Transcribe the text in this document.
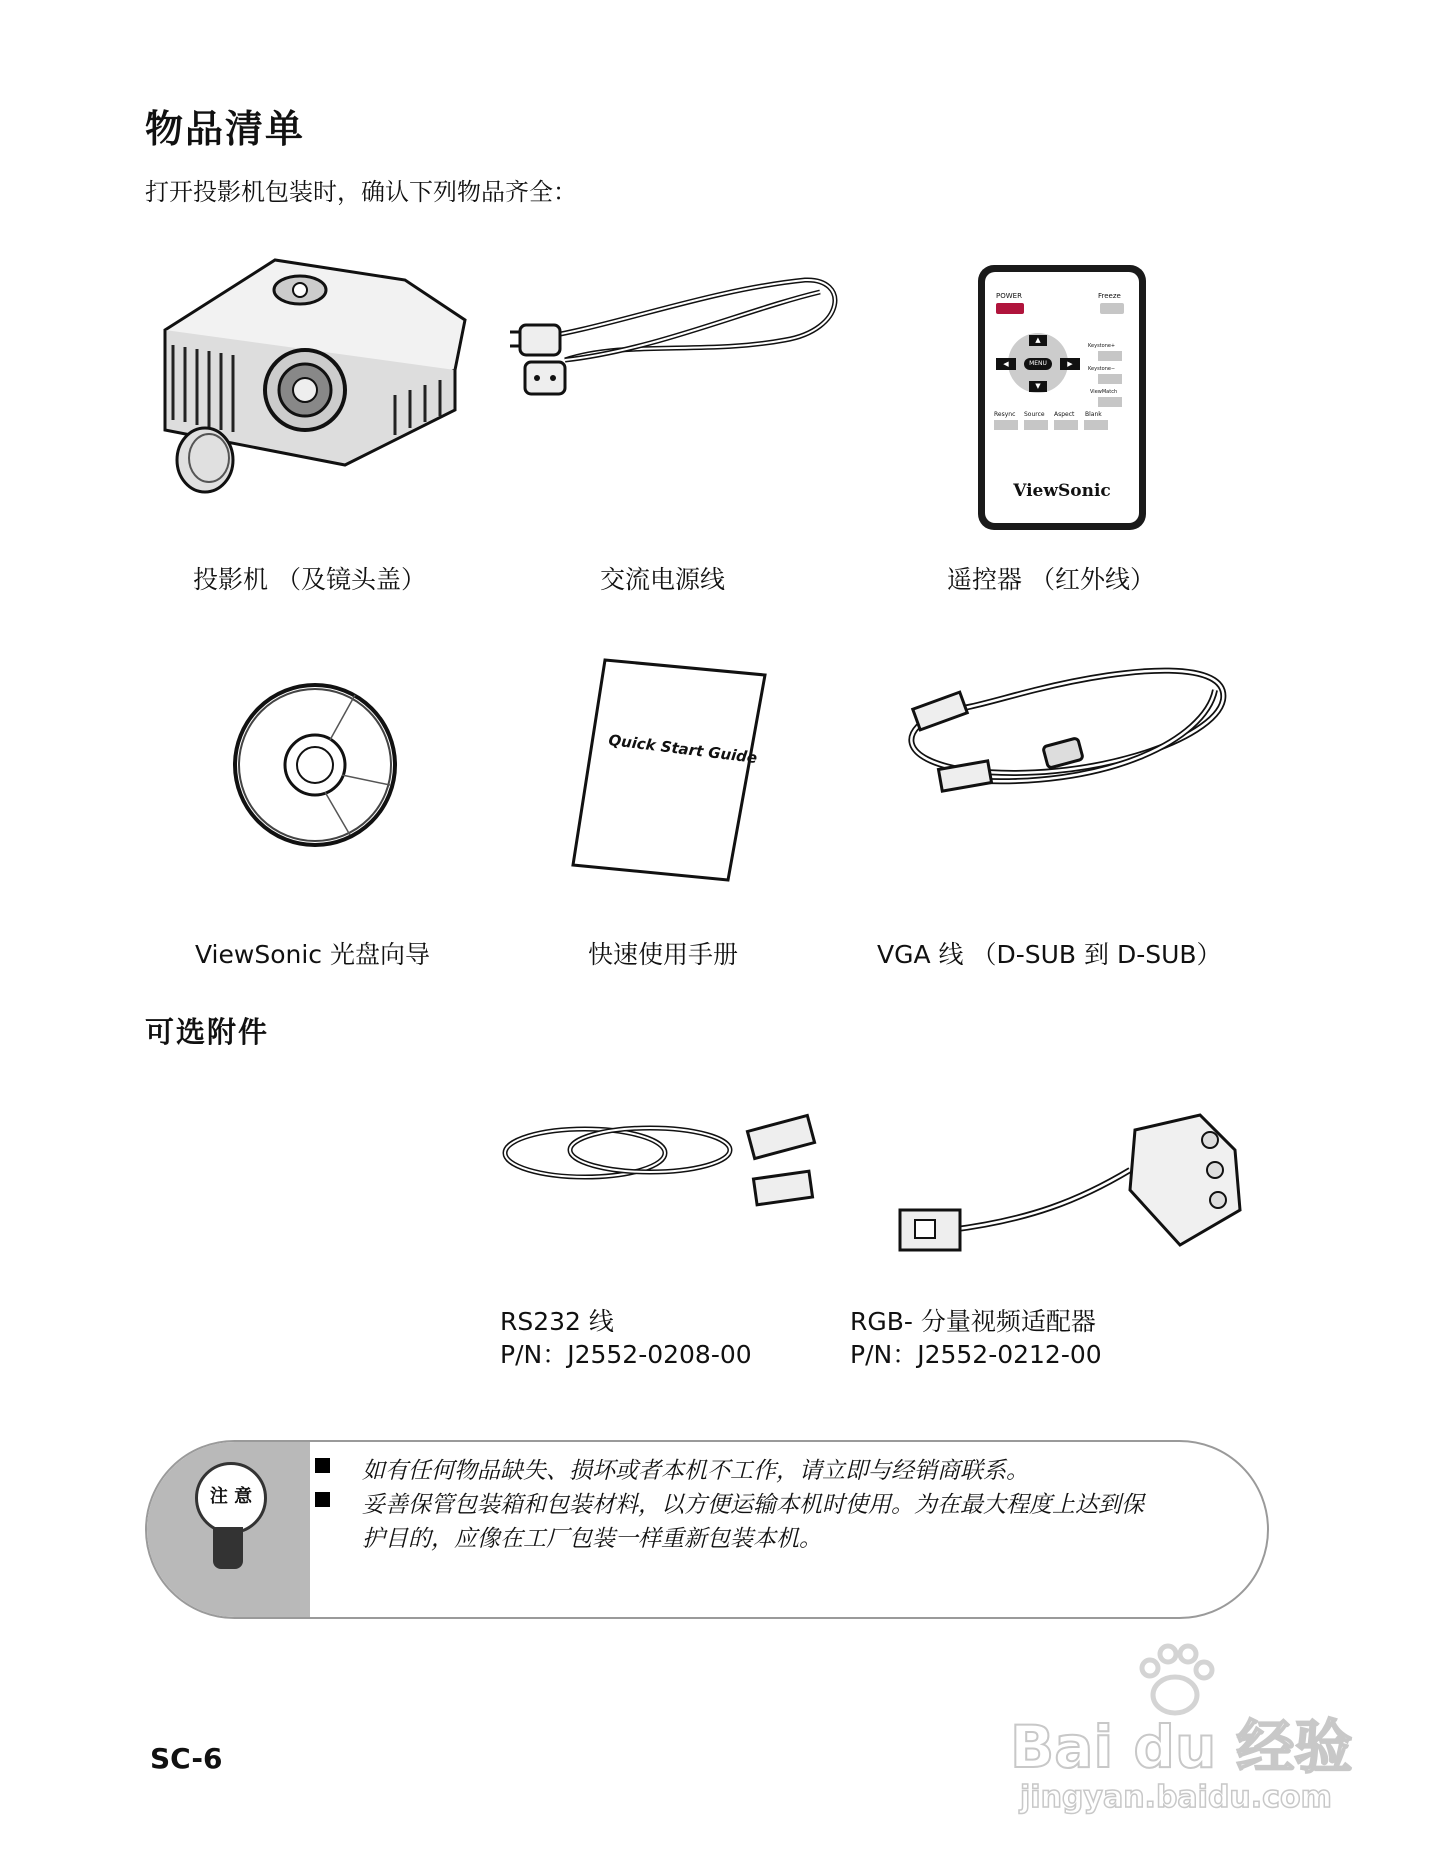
物品清单
打开投影机包装时，确认下列物品齐全：
POWER	Freeze
▲
▼
◀	▶
MENU
Keystone+
Keystone−
ViewMatch
Resync Source Aspect Blank
ViewSonic
投影机 （及镜头盖）	交流电源线	遥控器 （红外线）
Quick Start Guide
ViewSonic 光盘向导	快速使用手册	VGA 线 （D-SUB 到 D-SUB）
可选附件
RS232 线
P/N：J2552-0208-00
RGB- 分量视频适配器
P/N：J2552-0212-00
注 意
如有任何物品缺失、损坏或者本机不工作，请立即与经销商联系。
妥善保管包装箱和包装材料，以方便运输本机时使用。为在最大程度上达到保
护目的，应像在工厂包装一样重新包装本机。
SC-6	Bai du 经验
jingyan.baidu.com
